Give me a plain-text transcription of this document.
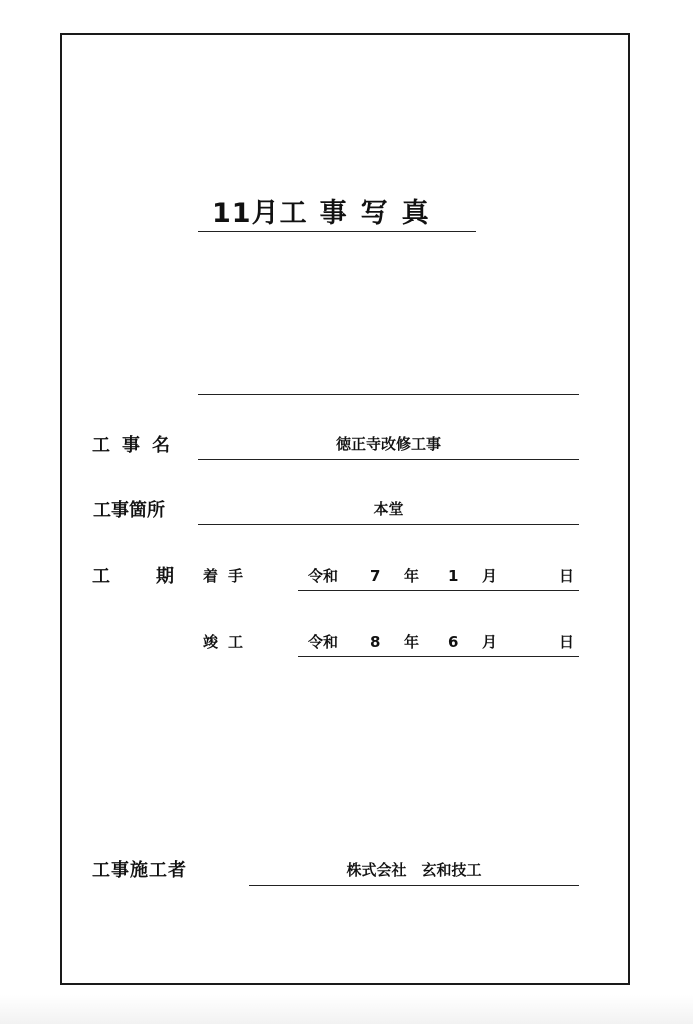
11月工 事写真
工事名	徳正寺改修工事
工事箇所	本堂
工	期 着手	令和 7 年 1 月	日
竣工	令和 8 年 6 月	日
工事施工者	株式会社　玄和技工
